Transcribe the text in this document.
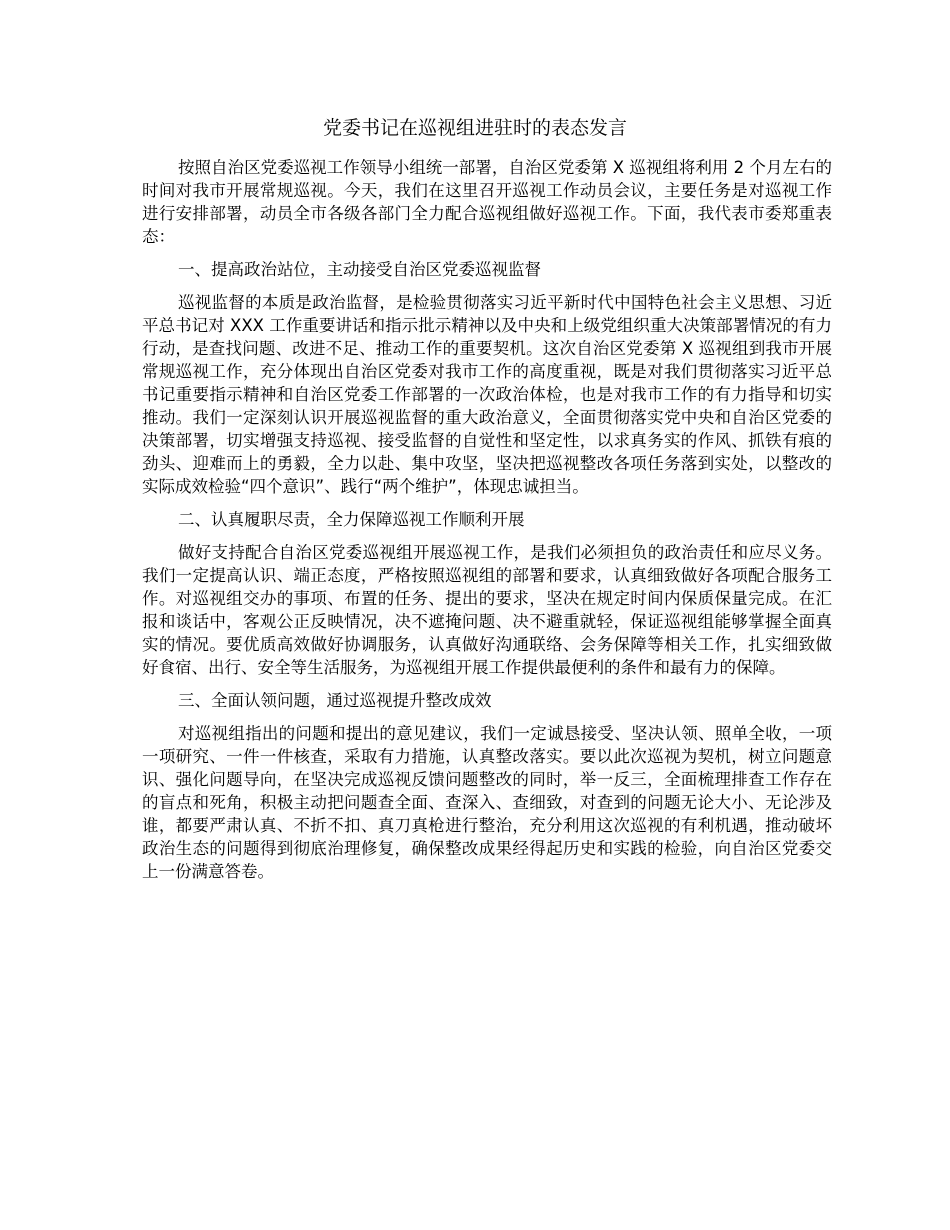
党委书记在巡视组进驻时的表态发言

按照自治区党委巡视工作领导小组统一部署，自治区党委第 X 巡视组将利用 2 个月左右的时间对我市开展常规巡视。今天，我们在这里召开巡视工作动员会议，主要任务是对巡视工作进行安排部署，动员全市各级各部门全力配合巡视组做好巡视工作。下面，我代表市委郑重表态：

一、提高政治站位，主动接受自治区党委巡视监督

巡视监督的本质是政治监督，是检验贯彻落实习近平新时代中国特色社会主义思想、习近平总书记对 XXX 工作重要讲话和指示批示精神以及中央和上级党组织重大决策部署情况的有力行动，是查找问题、改进不足、推动工作的重要契机。这次自治区党委第 X 巡视组到我市开展常规巡视工作，充分体现出自治区党委对我市工作的高度重视，既是对我们贯彻落实习近平总书记重要指示精神和自治区党委工作部署的一次政治体检，也是对我市工作的有力指导和切实推动。我们一定深刻认识开展巡视监督的重大政治意义，全面贯彻落实党中央和自治区党委的决策部署，切实增强支持巡视、接受监督的自觉性和坚定性，以求真务实的作风、抓铁有痕的劲头、迎难而上的勇毅，全力以赴、集中攻坚，坚决把巡视整改各项任务落到实处，以整改的实际成效检验“四个意识”、践行“两个维护”，体现忠诚担当。

二、认真履职尽责，全力保障巡视工作顺利开展

做好支持配合自治区党委巡视组开展巡视工作，是我们必须担负的政治责任和应尽义务。我们一定提高认识、端正态度，严格按照巡视组的部署和要求，认真细致做好各项配合服务工作。对巡视组交办的事项、布置的任务、提出的要求，坚决在规定时间内保质保量完成。在汇报和谈话中，客观公正反映情况，决不遮掩问题、决不避重就轻，保证巡视组能够掌握全面真实的情况。要优质高效做好协调服务，认真做好沟通联络、会务保障等相关工作，扎实细致做好食宿、出行、安全等生活服务，为巡视组开展工作提供最便利的条件和最有力的保障。

三、全面认领问题，通过巡视提升整改成效

对巡视组指出的问题和提出的意见建议，我们一定诚恳接受、坚决认领、照单全收，一项一项研究、一件一件核查，采取有力措施，认真整改落实。要以此次巡视为契机，树立问题意识、强化问题导向，在坚决完成巡视反馈问题整改的同时，举一反三，全面梳理排查工作存在的盲点和死角，积极主动把问题查全面、查深入、查细致，对查到的问题无论大小、无论涉及谁，都要严肃认真、不折不扣、真刀真枪进行整治，充分利用这次巡视的有利机遇，推动破坏政治生态的问题得到彻底治理修复，确保整改成果经得起历史和实践的检验，向自治区党委交上一份满意答卷。
